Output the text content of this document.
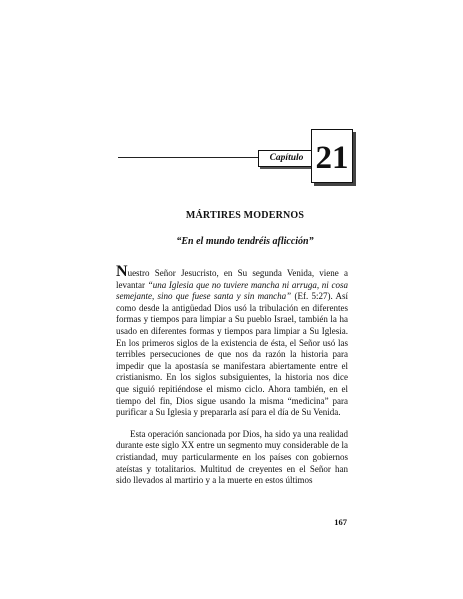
Capítulo 21
MÁRTIRES MODERNOS
“En el mundo tendréis aflicción”

Nuestro Señor Jesucristo, en Su segunda Venida, viene a levantar “una Iglesia que no tuviere mancha ni arruga, ni cosa semejante, sino que fuese santa y sin mancha” (Ef. 5:27). Así como desde la antigüedad Dios usó la tribulación en diferentes formas y tiempos para limpiar a Su pueblo Israel, también la ha usado en diferentes formas y tiempos para limpiar a Su Iglesia. En los primeros siglos de la existencia de ésta, el Señor usó las terribles persecuciones de que nos da razón la historia para impedir que la apostasía se manifestara abiertamente entre el cristianismo. En los siglos subsiguientes, la historia nos dice que siguió repitiéndose el mismo ciclo. Ahora también, en el tiempo del fin, Dios sigue usando la misma “medicina” para purificar a Su Iglesia y prepararla así para el día de Su Venida.

Esta operación sancionada por Dios, ha sido ya una realidad durante este siglo XX entre un segmento muy considerable de la cristiandad, muy particularmente en los países con gobiernos ateístas y totalitarios. Multitud de creyentes en el Señor han sido llevados al martirio y a la muerte en estos últimos

167
